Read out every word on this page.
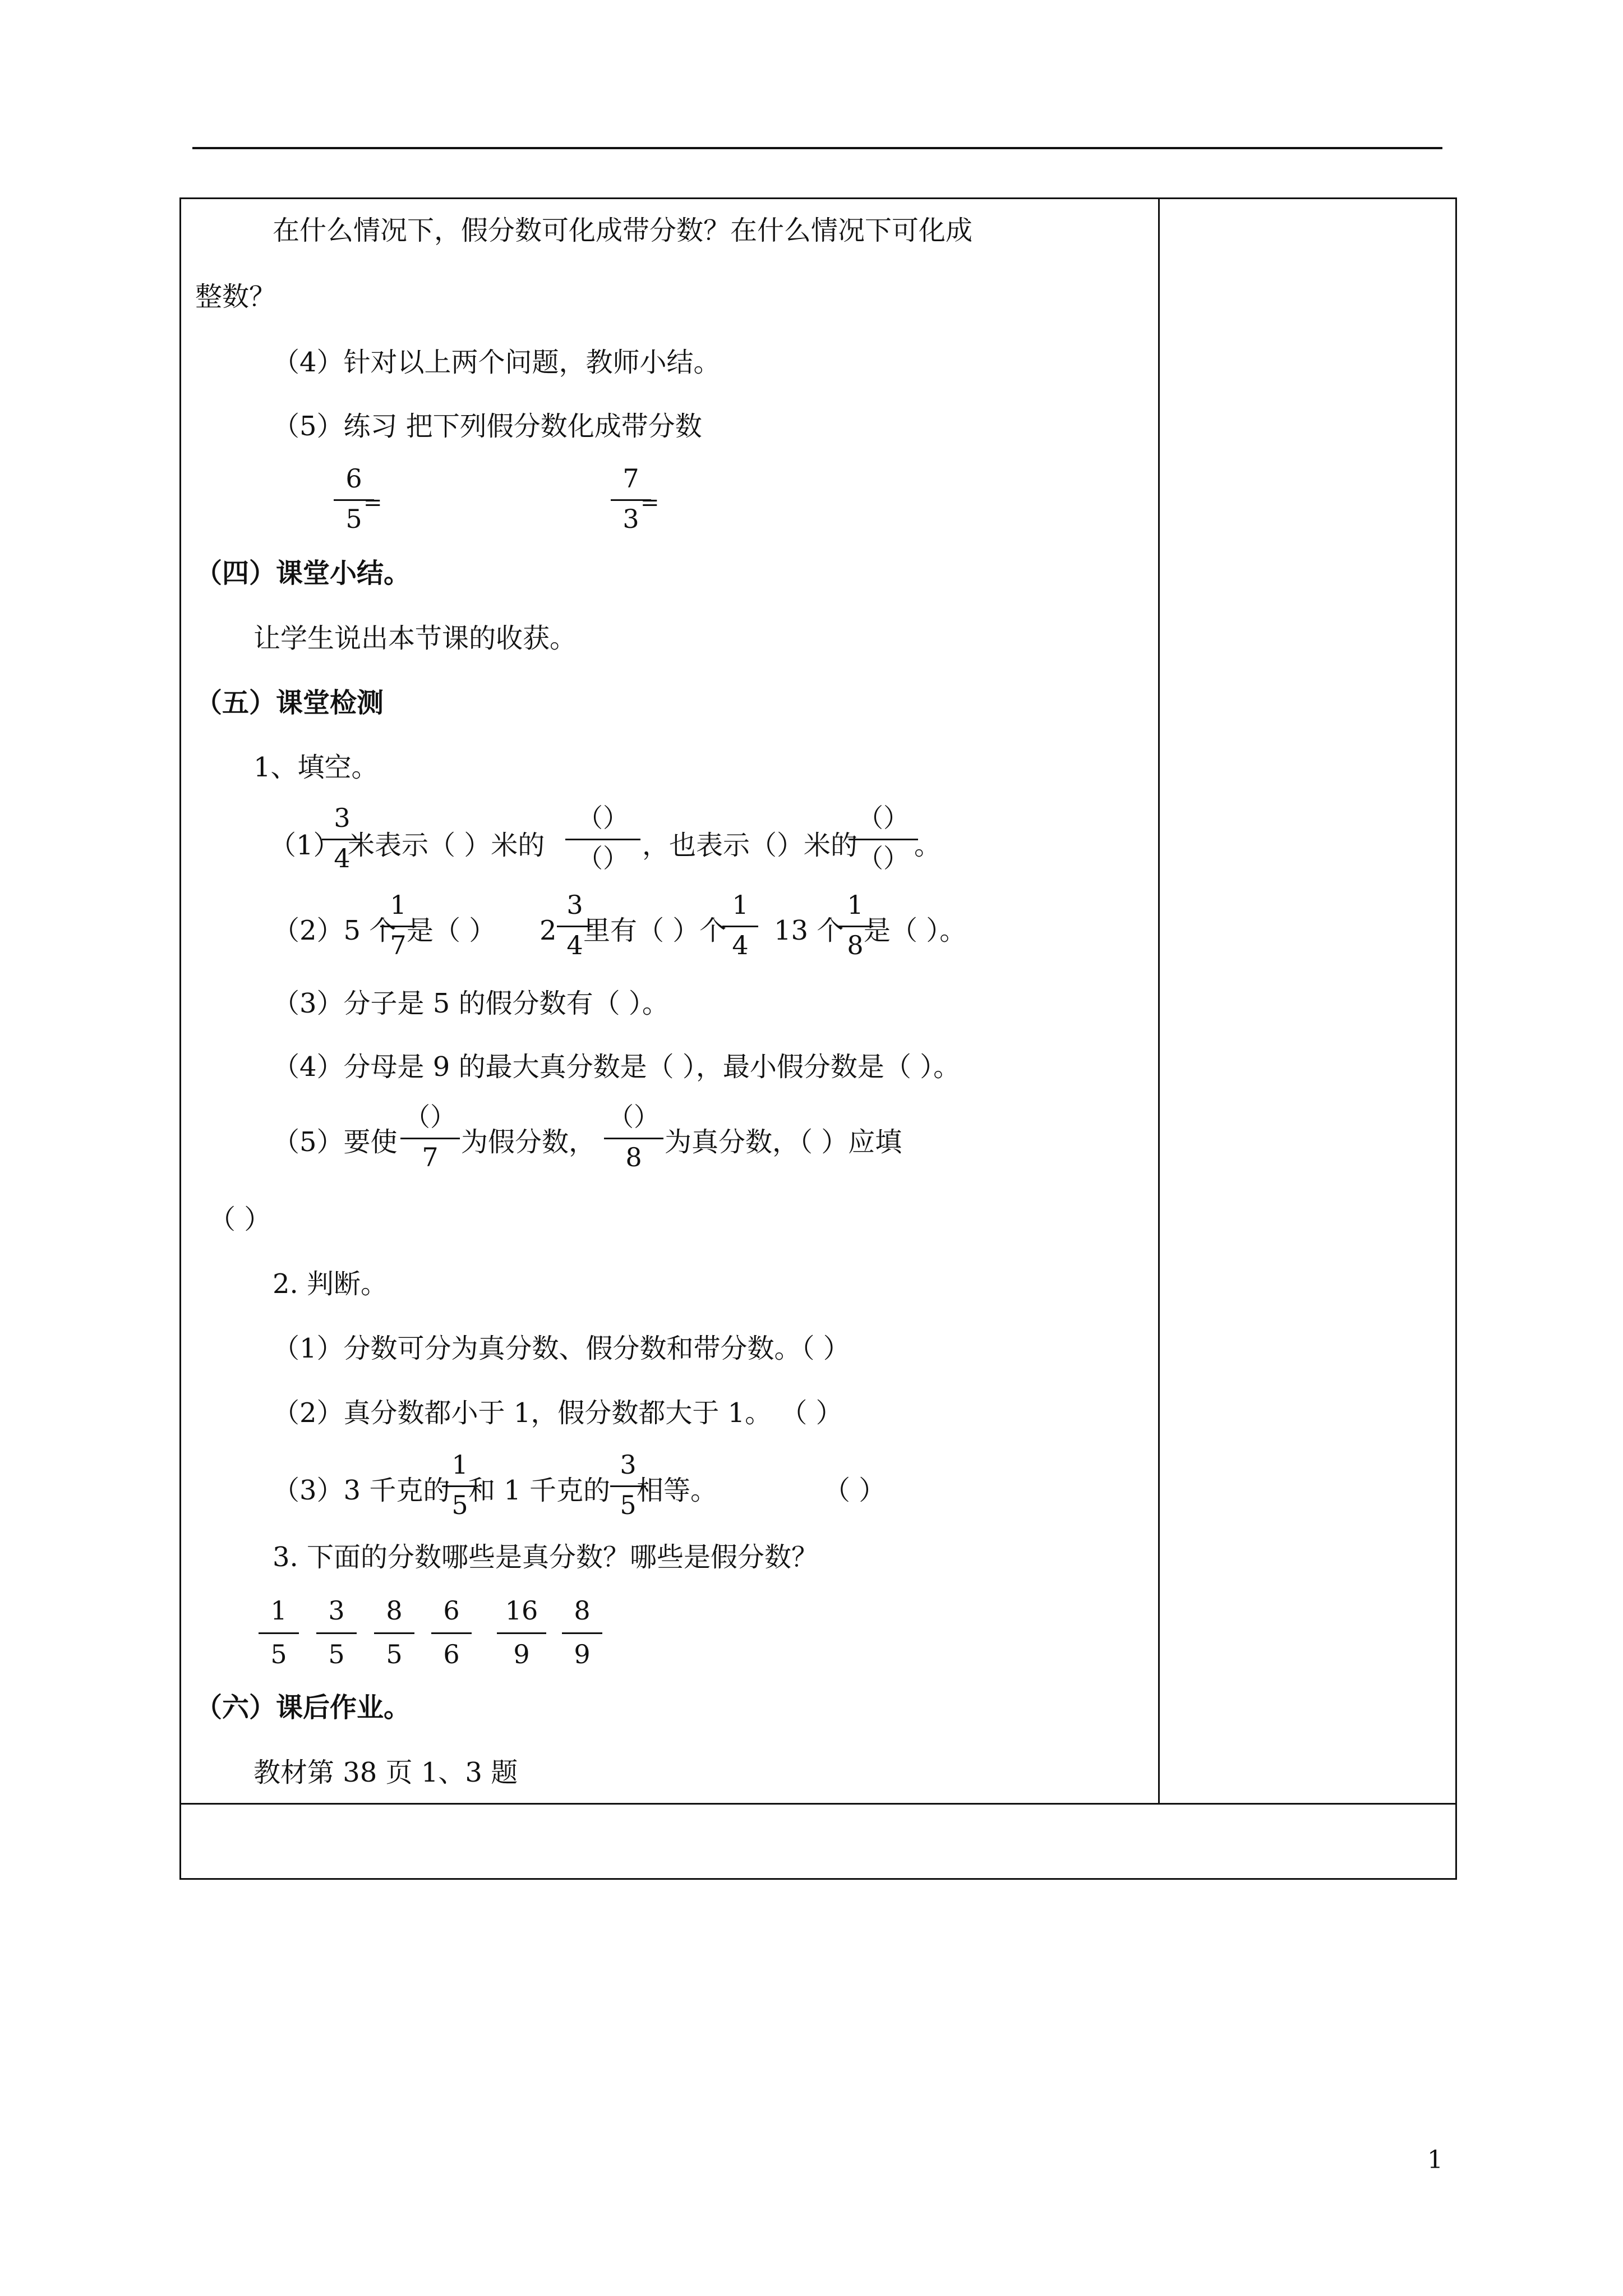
在什么情况下，假分数可化成带分数？在什么情况下可化成
整数？
（4）针对以上两个问题，教师小结。
（5）练习 把下列假分数化成带分数
6
5
=
7
3
=
（四）课堂小结。
让学生说出本节课的收获。
（五）课堂检测
1、填空。
（1）
3
4
米表示（ ）米的
（）
（） ，也表示（）米的
（）
（） 。
（2）5 个
1
7 是（ ） 2
3
4 里有（ ）个
1
4 13 个
1
8 是（ ）。
（3）分子是 5 的假分数有（ ）。
（4）分母是 9 的最大真分数是（ ），最小假分数是（ ）。
（5）要使
（）
7 为假分数，
（）
8 为真分数，（ ）应填
（ ）
2. 判断。
（1）分数可分为真分数、假分数和带分数。（ ）
（2）真分数都小于 1，假分数都大于 1。 （ ）
（3）3 千克的
1
5 和 1 千克的
3
5 相等。	（ ）
3. 下面的分数哪些是真分数？哪些是假分数？
1
5
3
5
8
5
6
6
16
9
8
9
（六）课后作业。
教材第 38 页 1、3 题
1
